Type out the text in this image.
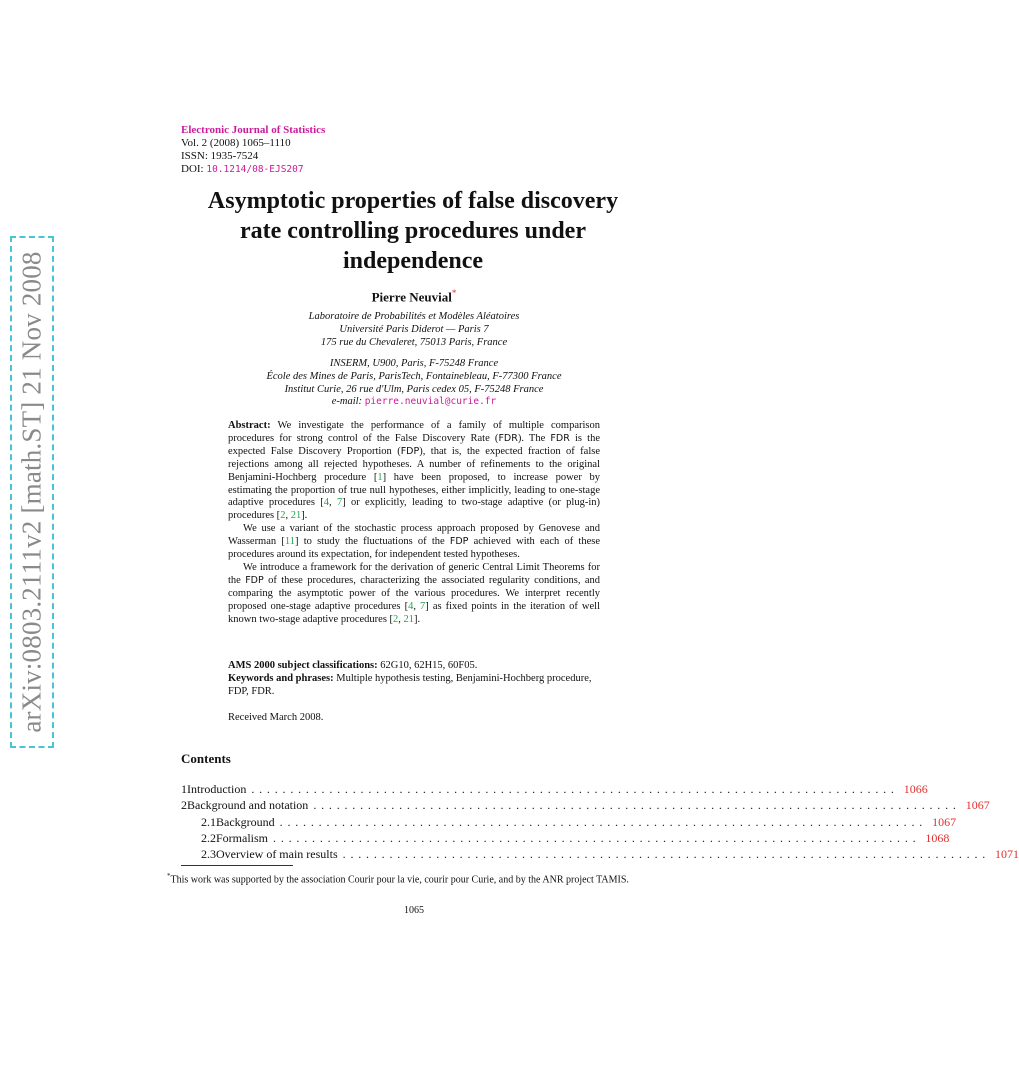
arXiv:0803.2111v2 [math.ST] 21 Nov 2008
Electronic Journal of Statistics
Vol. 2 (2008) 1065–1110
ISSN: 1935-7524
DOI: 10.1214/08-EJS207
Asymptotic properties of false discovery
rate controlling procedures under
independence
Pierre Neuvial*
Laboratoire de Probabilités et Modèles Aléatoires
Université Paris Diderot — Paris 7
175 rue du Chevaleret, 75013 Paris, France
INSERM, U900, Paris, F-75248 France
École des Mines de Paris, ParisTech, Fontainebleau, F-77300 France
Institut Curie, 26 rue d'Ulm, Paris cedex 05, F-75248 France
e-mail: pierre.neuvial@curie.fr

Abstract: We investigate the performance of a family of multiple comparison procedures for strong control of the False Discovery Rate (FDR). The FDR is the expected False Discovery Proportion (FDP), that is, the expected fraction of false rejections among all rejected hypotheses. A number of refinements to the original Benjamini-Hochberg procedure [1] have been proposed, to increase power by estimating the proportion of true null hypotheses, either implicitly, leading to one-stage adaptive procedures [4, 7] or explicitly, leading to two-stage adaptive (or plug-in) procedures [2, 21].

We use a variant of the stochastic process approach proposed by Genovese and Wasserman [11] to study the fluctuations of the FDP achieved with each of these procedures around its expectation, for independent tested hypotheses.

We introduce a framework for the derivation of generic Central Limit Theorems for the FDP of these procedures, characterizing the associated regularity conditions, and comparing the asymptotic power of the various procedures. We interpret recently proposed one-stage adaptive procedures [4, 7] as fixed points in the iteration of well known two-stage adaptive procedures [2, 21].

AMS 2000 subject classifications: 62G10, 62H15, 60F05.

Keywords and phrases: Multiple hypothesis testing, Benjamini-Hochberg procedure, FDP, FDR.

Received March 2008.
Contents
1 Introduction ................................................................................... 1066
2 Background and notation ................................................................................... 1067
2.1 Background ................................................................................... 1067
2.2 Formalism ................................................................................... 1068
2.3 Overview of main results ................................................................................... 1071
*This work was supported by the association Courir pour la vie, courir pour Curie, and by the ANR project TAMIS.
1065
